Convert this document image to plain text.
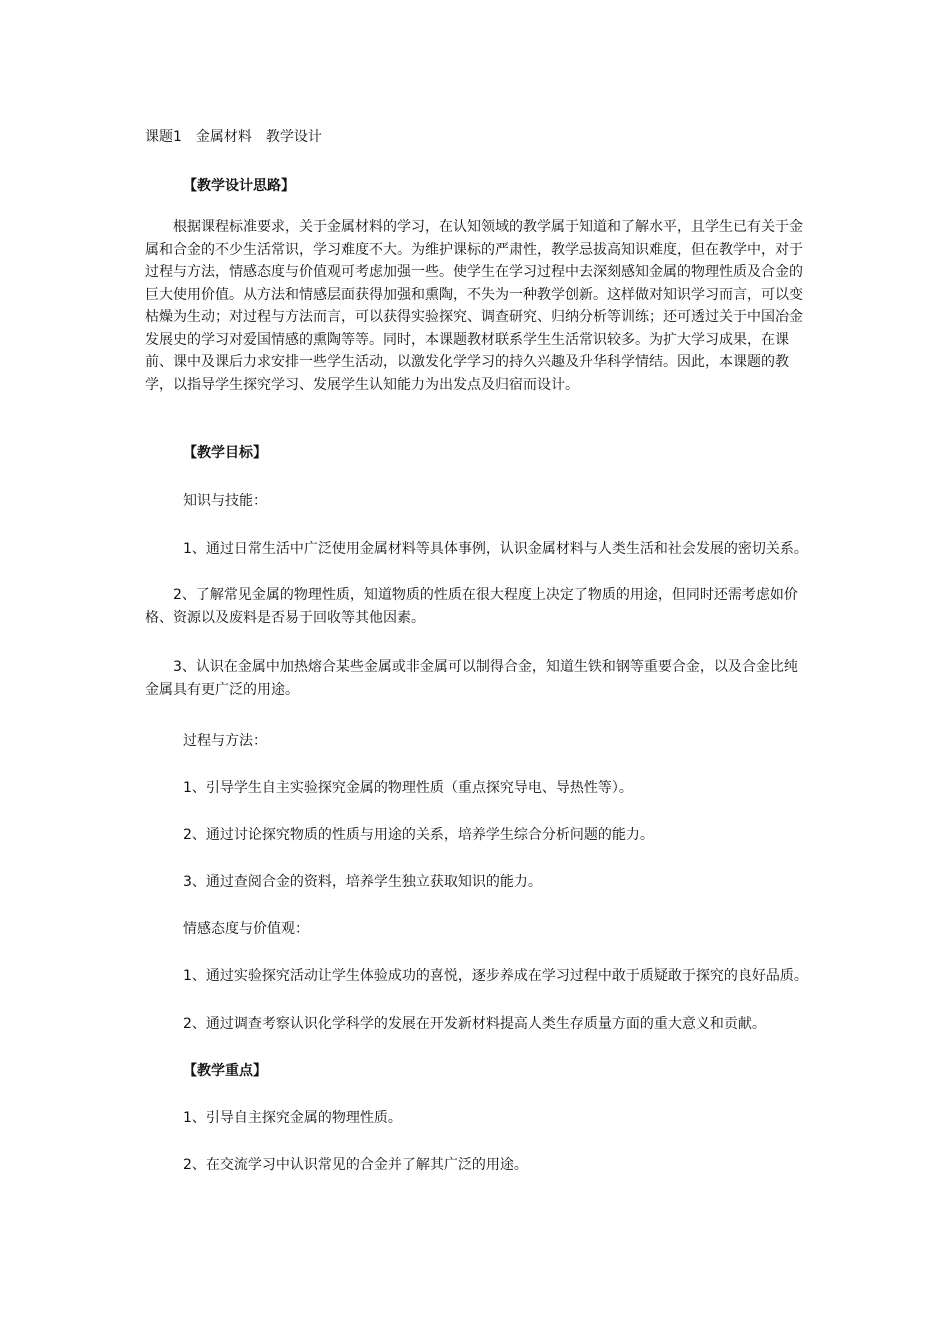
课题1　金属材料　教学设计
【教学设计思路】
　　根据课程标准要求，关于金属材料的学习，在认知领域的教学属于知道和了解水平，且学生已有关于金属和合金的不少生活常识，学习难度不大。为维护课标的严肃性，教学忌拔高知识难度，但在教学中，对于过程与方法，情感态度与价值观可考虑加强一些。使学生在学习过程中去深刻感知金属的物理性质及合金的巨大使用价值。从方法和情感层面获得加强和熏陶，不失为一种教学创新。这样做对知识学习而言，可以变枯燥为生动；对过程与方法而言，可以获得实验探究、调查研究、归纳分析等训练；还可透过关于中国冶金发展史的学习对爱国情感的熏陶等等。同时，本课题教材联系学生生活常识较多。为扩大学习成果，在课前、课中及课后力求安排一些学生活动，以激发化学学习的持久兴趣及升华科学情结。因此，本课题的教学，以指导学生探究学习、发展学生认知能力为出发点及归宿而设计。
【教学目标】
知识与技能：
1、通过日常生活中广泛使用金属材料等具体事例，认识金属材料与人类生活和社会发展的密切关系。
　　2、了解常见金属的物理性质，知道物质的性质在很大程度上决定了物质的用途，但同时还需考虑如价格、资源以及废料是否易于回收等其他因素。
　　3、认识在金属中加热熔合某些金属或非金属可以制得合金，知道生铁和钢等重要合金，以及合金比纯金属具有更广泛的用途。
过程与方法：
1、引导学生自主实验探究金属的物理性质（重点探究导电、导热性等）。
2、通过讨论探究物质的性质与用途的关系，培养学生综合分析问题的能力。
3、通过查阅合金的资料，培养学生独立获取知识的能力。
情感态度与价值观：
1、通过实验探究活动让学生体验成功的喜悦，逐步养成在学习过程中敢于质疑敢于探究的良好品质。
2、通过调查考察认识化学科学的发展在开发新材料提高人类生存质量方面的重大意义和贡献。
【教学重点】
1、引导自主探究金属的物理性质。
2、在交流学习中认识常见的合金并了解其广泛的用途。
